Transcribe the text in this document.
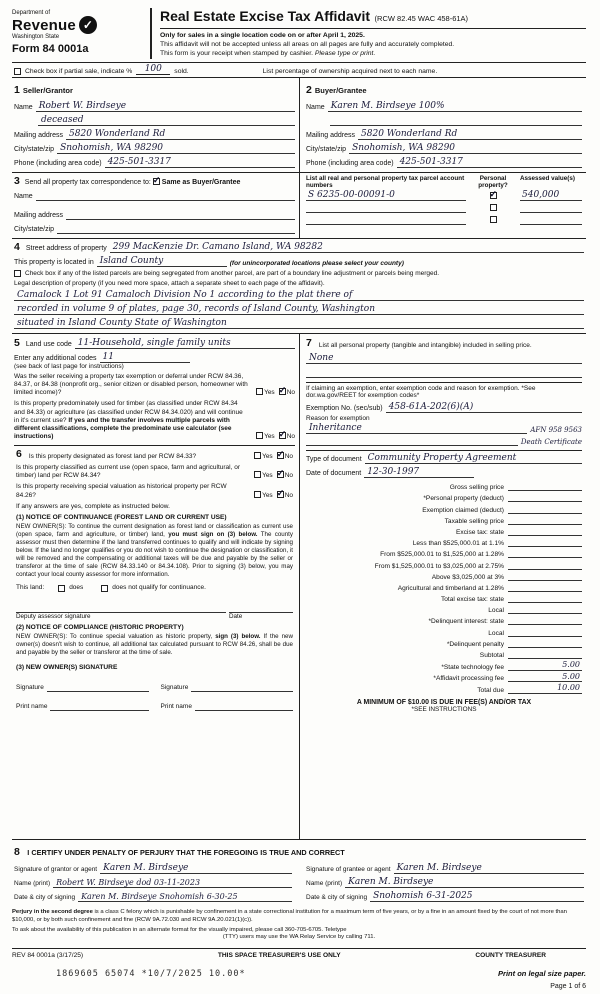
Department of
Revenue ✓
Washington State
Form 84 0001a
Real Estate Excise Tax Affidavit (RCW 82.45 WAC 458-61A)
Only for sales in a single location code on or after April 1, 2025.
This affidavit will not be accepted unless all areas on all pages are fully and accurately completed.
This form is your receipt when stamped by cashier. Please type or print.
Check box if partial sale, indicate %	100	sold.	List percentage of ownership acquired next to each name.
1 Seller/Grantor
Name Robert W. Birdseye
deceased
Mailing address 5820 Wonderland Rd
City/state/zip Snohomish, WA 98290
Phone (including area code) 425-501-3317
2 Buyer/Grantee
Name Karen M. Birdseye 100%
Mailing address 5820 Wonderland Rd
City/state/zip Snohomish, WA 98290
Phone (including area code) 425-501-3317
3 Send all property tax correspondence to: ✓ Same as Buyer/Grantee
Name
Mailing address
City/state/zip
List all real and personal property tax parcel account numbers
Personal property?
Assessed value(s)
S 6235-00-00091-0 ✓	540,000
4 Street address of property 299 MacKenzie Dr. Camano Island, WA 98282
This property is located in Island County	(for unincorporated locations please select your county)
Check box if any of the listed parcels are being segregated from another parcel, are part of a boundary line adjustment or parcels being merged.
Legal description of property (if you need more space, attach a separate sheet to each page of the affidavit).
Camalock 1 Lot 91 Camaloch Division No 1 according to the plat there of
recorded in volume 9 of plates, page 30, records of Island County, Washington
situated in Island County State of Washington
5 Land use code 11-Household, single family units
Enter any additional codes 11
(see back of last page for instructions)
Was the seller receiving a property tax exemption or deferral under RCW 84.36, 84.37, or 84.38 (nonprofit org., senior citizen or disabled person, homeowner with limited income)?	Yes ✓ No
Is this property predominately used for timber (as classified under RCW 84.34 and 84.33) or agriculture (as classified under RCW 84.34.020) and will continue in it's current use? If yes and the transfer involves multiple parcels with different classifications, complete the predominate use calculator (see instructions)	Yes ✓ No
6 Is this property designated as forest land per RCW 84.33?	Yes ✓ No
Is this property classified as current use (open space, farm and agricultural, or timber) land per RCW 84.34?	Yes ✓ No
Is this property receiving special valuation as historical property per RCW 84.26?	Yes ✓ No
If any answers are yes, complete as instructed below.
(1) NOTICE OF CONTINUANCE (FOREST LAND OR CURRENT USE)
NEW OWNER(S): To continue the current designation as forest land or classification as current use (open space, farm and agriculture, or timber) land, you must sign on (3) below. The county assessor must then determine if the land transferred continues to qualify and will indicate by signing below. If the land no longer qualifies or you do not wish to continue the designation or classification, it will be removed and the compensating or additional taxes will be due and payable by the seller or transferor at the time of sale (RCW 84.33.140 or 84.34.108). Prior to signing (3) below, you may contact your local county assessor for more information.
This land:	does	does not qualify for continuance.
Deputy assessor signature	Date
(2) NOTICE OF COMPLIANCE (HISTORIC PROPERTY)
NEW OWNER(S): To continue special valuation as historic property, sign (3) below. If the new owner(s) doesn't wish to continue, all additional tax calculated pursuant to RCW 84.26, shall be due and payable by the seller or transferor at the time of sale.
(3) NEW OWNER(S) SIGNATURE
Signature	Signature
Print name	Print name
7 List all personal property (tangible and intangible) included in selling price.
None
If claiming an exemption, enter exemption code and reason for exemption. *See dor.wa.gov/REET for exemption codes*
Exemption No. (sec/sub) 458-61A-202(6)(A)
Reason for exemption
Inheritance	AFN 958 9563
Death Certificate
Type of document Community Property Agreement
Date of document 12-30-1997
Gross selling price
*Personal property (deduct)
Exemption claimed (deduct)
Taxable selling price
Excise tax: state
Less than $525,000.01 at 1.1%
From $525,000.01 to $1,525,000 at 1.28%
From $1,525,000.01 to $3,025,000 at 2.75%
Above $3,025,000 at 3%
Agricultural and timberland at 1.28%
Total excise tax: state
Local
*Delinquent interest: state
Local
*Delinquent penalty
Subtotal
*State technology fee	5.00
*Affidavit processing fee	5.00
Total due	10.00
A MINIMUM OF $10.00 IS DUE IN FEE(S) AND/OR TAX
*SEE INSTRUCTIONS
8 I CERTIFY UNDER PENALTY OF PERJURY THAT THE FOREGOING IS TRUE AND CORRECT
Signature of grantor or agent Karen M. Birdseye
Name (print) Robert W. Birdseye dod 03-11-2023
Date & city of signing Karen M. Birdseye Snohomish 6-30-25
Signature of grantee or agent Karen M. Birdseye
Name (print) Karen M. Birdseye
Date & city of signing Snohomish 6-31-2025
Perjury in the second degree is a class C felony which is punishable by confinement in a state correctional institution for a maximum term of five years, or by a fine in an amount fixed by the court of not more than $10,000, or by both such confinement and fine (RCW 9A.72.030 and RCW 9A.20.021(1)(c)).
To ask about the availability of this publication in an alternate format for the visually impaired, please call 360-705-6705. Teletype
(TTY) users may use the WA Relay Service by calling 711.
REV 84 0001a (3/17/25)	THIS SPACE TREASURER'S USE ONLY	COUNTY TREASURER
1869605 65074 *10/7/2025 10.00*	Print on legal size paper.
Page 1 of 6
